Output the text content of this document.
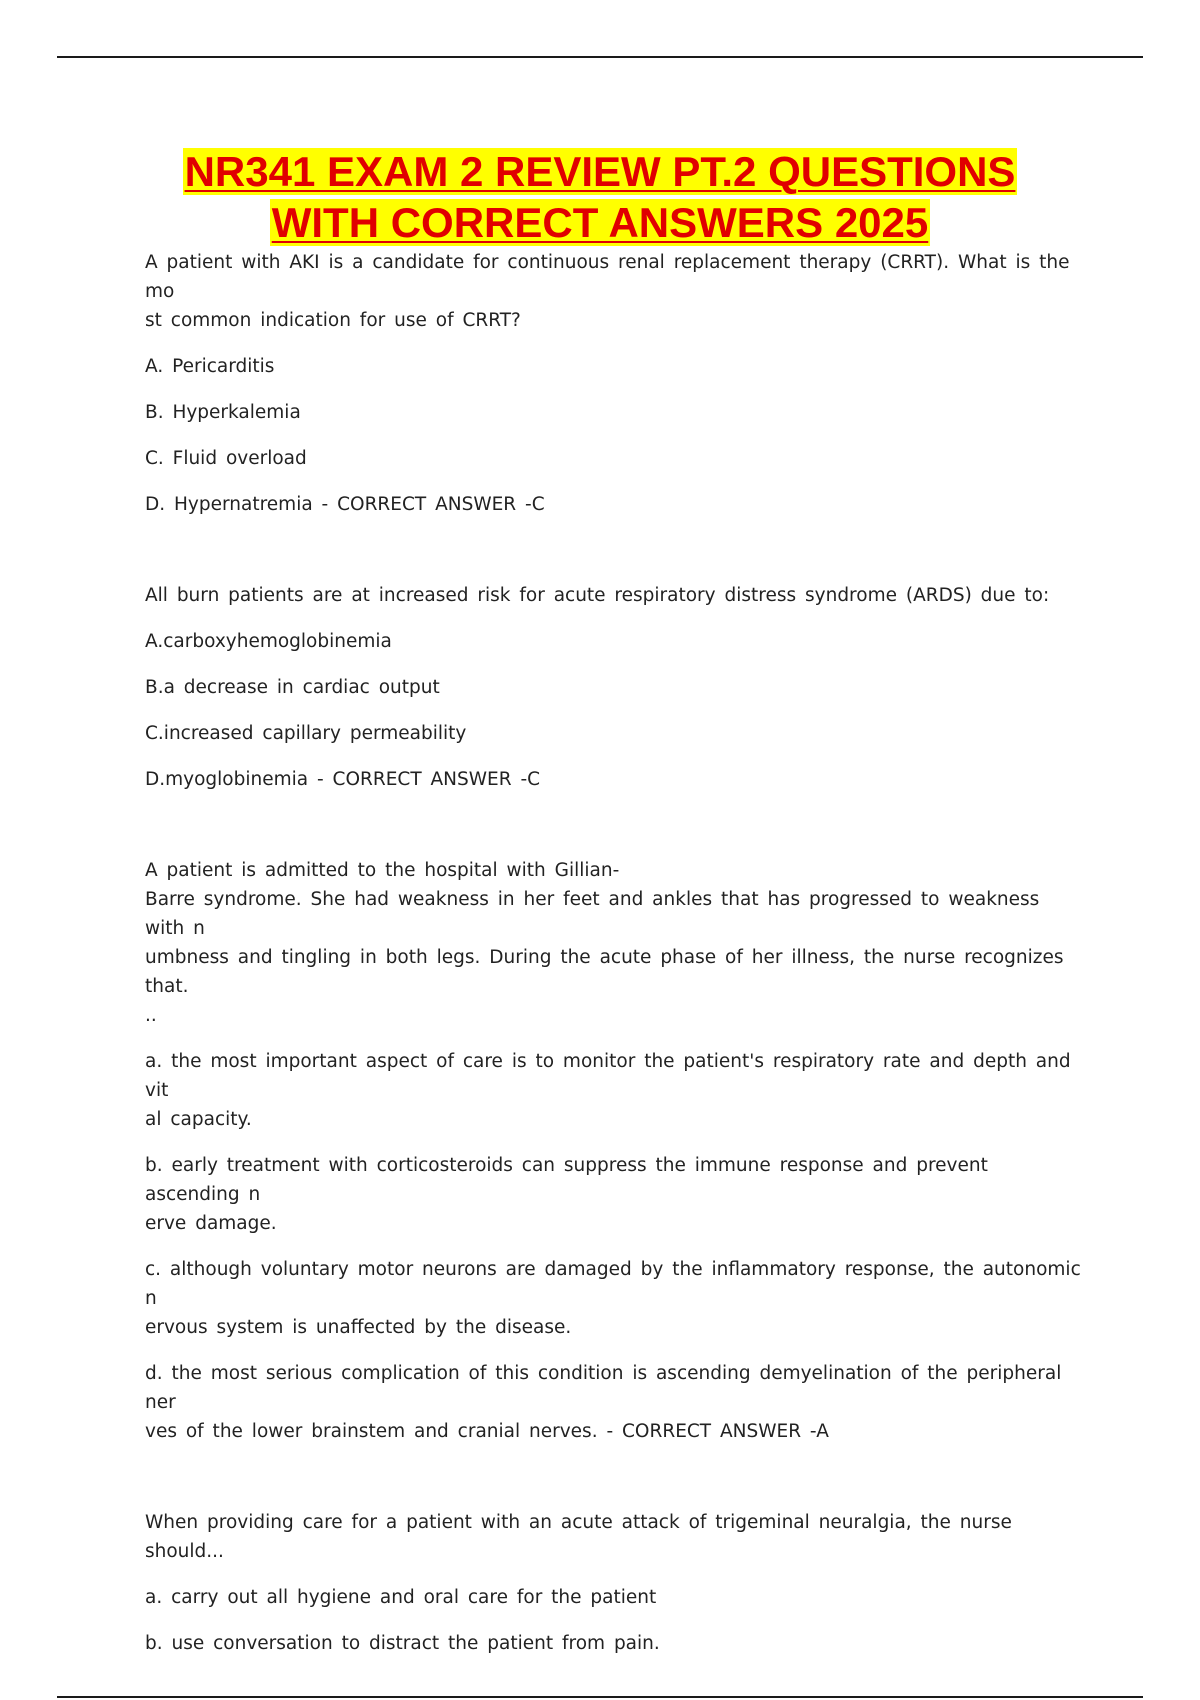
NR341 EXAM 2 REVIEW PT.2 QUESTIONS
WITH CORRECT ANSWERS 2025

A patient with AKI is a candidate for continuous renal replacement therapy (CRRT). What is the mo
st common indication for use of CRRT?

A. Pericarditis

B. Hyperkalemia

C. Fluid overload

D. Hypernatremia - CORRECT ANSWER -C

All burn patients are at increased risk for acute respiratory distress syndrome (ARDS) due to:

A.carboxyhemoglobinemia

B.a decrease in cardiac output

C.increased capillary permeability

D.myoglobinemia - CORRECT ANSWER -C

A patient is admitted to the hospital with Gillian-
Barre syndrome. She had weakness in her feet and ankles that has progressed to weakness with n
umbness and tingling in both legs. During the acute phase of her illness, the nurse recognizes that.
..

a. the most important aspect of care is to monitor the patient's respiratory rate and depth and vit
al capacity.

b. early treatment with corticosteroids can suppress the immune response and prevent ascending n
erve damage.

c. although voluntary motor neurons are damaged by the inflammatory response, the autonomic n
ervous system is unaffected by the disease.

d. the most serious complication of this condition is ascending demyelination of the peripheral ner
ves of the lower brainstem and cranial nerves. - CORRECT ANSWER -A

When providing care for a patient with an acute attack of trigeminal neuralgia, the nurse should...

a. carry out all hygiene and oral care for the patient

b. use conversation to distract the patient from pain.
